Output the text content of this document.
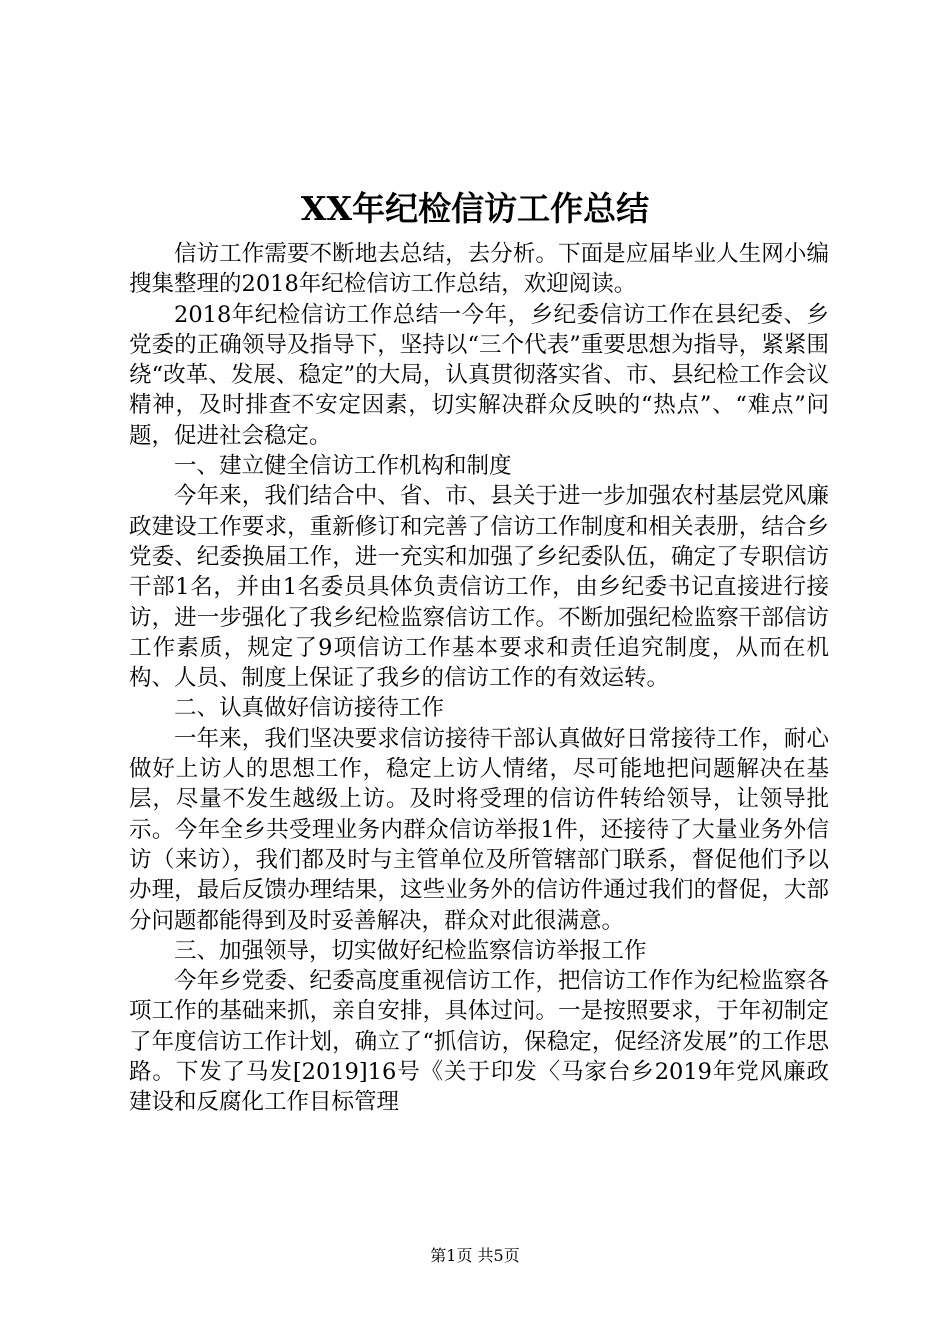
XX年纪检信访工作总结

信访工作需要不断地去总结，去分析。下面是应届毕业人生网小编搜集整理的2018年纪检信访工作总结，欢迎阅读。

2018年纪检信访工作总结一今年，乡纪委信访工作在县纪委、乡党委的正确领导及指导下，坚持以“三个代表”重要思想为指导，紧紧围绕“改革、发展、稳定”的大局，认真贯彻落实省、市、县纪检工作会议精神，及时排查不安定因素，切实解决群众反映的“热点”、“难点”问题，促进社会稳定。

一、建立健全信访工作机构和制度

今年来，我们结合中、省、市、县关于进一步加强农村基层党风廉政建设工作要求，重新修订和完善了信访工作制度和相关表册，结合乡党委、纪委换届工作，进一充实和加强了乡纪委队伍，确定了专职信访干部1名，并由1名委员具体负责信访工作，由乡纪委书记直接进行接访，进一步强化了我乡纪检监察信访工作。不断加强纪检监察干部信访工作素质，规定了9项信访工作基本要求和责任追究制度，从而在机构、人员、制度上保证了我乡的信访工作的有效运转。

二、认真做好信访接待工作

一年来，我们坚决要求信访接待干部认真做好日常接待工作，耐心做好上访人的思想工作，稳定上访人情绪，尽可能地把问题解决在基层，尽量不发生越级上访。及时将受理的信访件转给领导，让领导批示。今年全乡共受理业务内群众信访举报1件，还接待了大量业务外信访（来访），我们都及时与主管单位及所管辖部门联系，督促他们予以办理，最后反馈办理结果，这些业务外的信访件通过我们的督促，大部分问题都能得到及时妥善解决，群众对此很满意。

三、加强领导，切实做好纪检监察信访举报工作

今年乡党委、纪委高度重视信访工作，把信访工作作为纪检监察各项工作的基础来抓，亲自安排，具体过问。一是按照要求，于年初制定了年度信访工作计划，确立了“抓信访，保稳定，促经济发展”的工作思路。下发了马发[2019]16号《关于印发〈马家台乡2019年党风廉政建设和反腐化工作目标管理

第1页 共5页
